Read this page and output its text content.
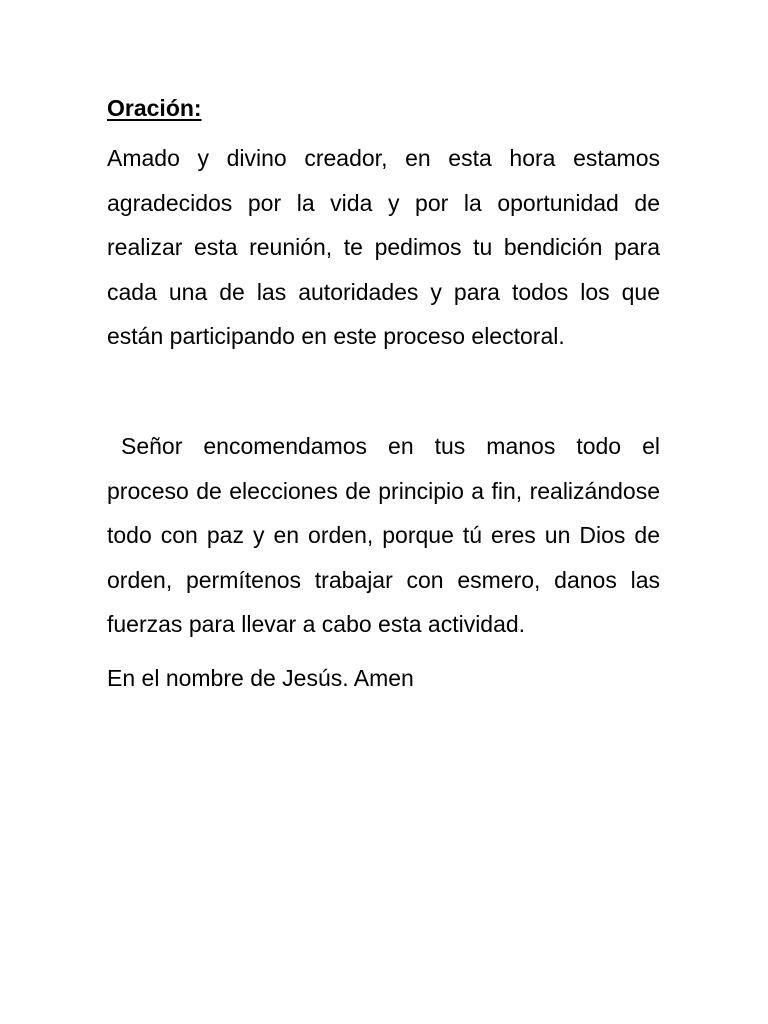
Oración:

Amado y divino creador, en esta hora estamos agradecidos por la vida y por la oportunidad de realizar esta reunión, te pedimos tu bendición para cada una de las autoridades y para todos los que están participando en este proceso electoral.

Señor encomendamos en tus manos todo el proceso de elecciones de principio a fin, realizándose todo con paz y en orden, porque tú eres un Dios de orden, permítenos trabajar con esmero, danos las fuerzas para llevar a cabo esta actividad.

En el nombre de Jesús. Amen
